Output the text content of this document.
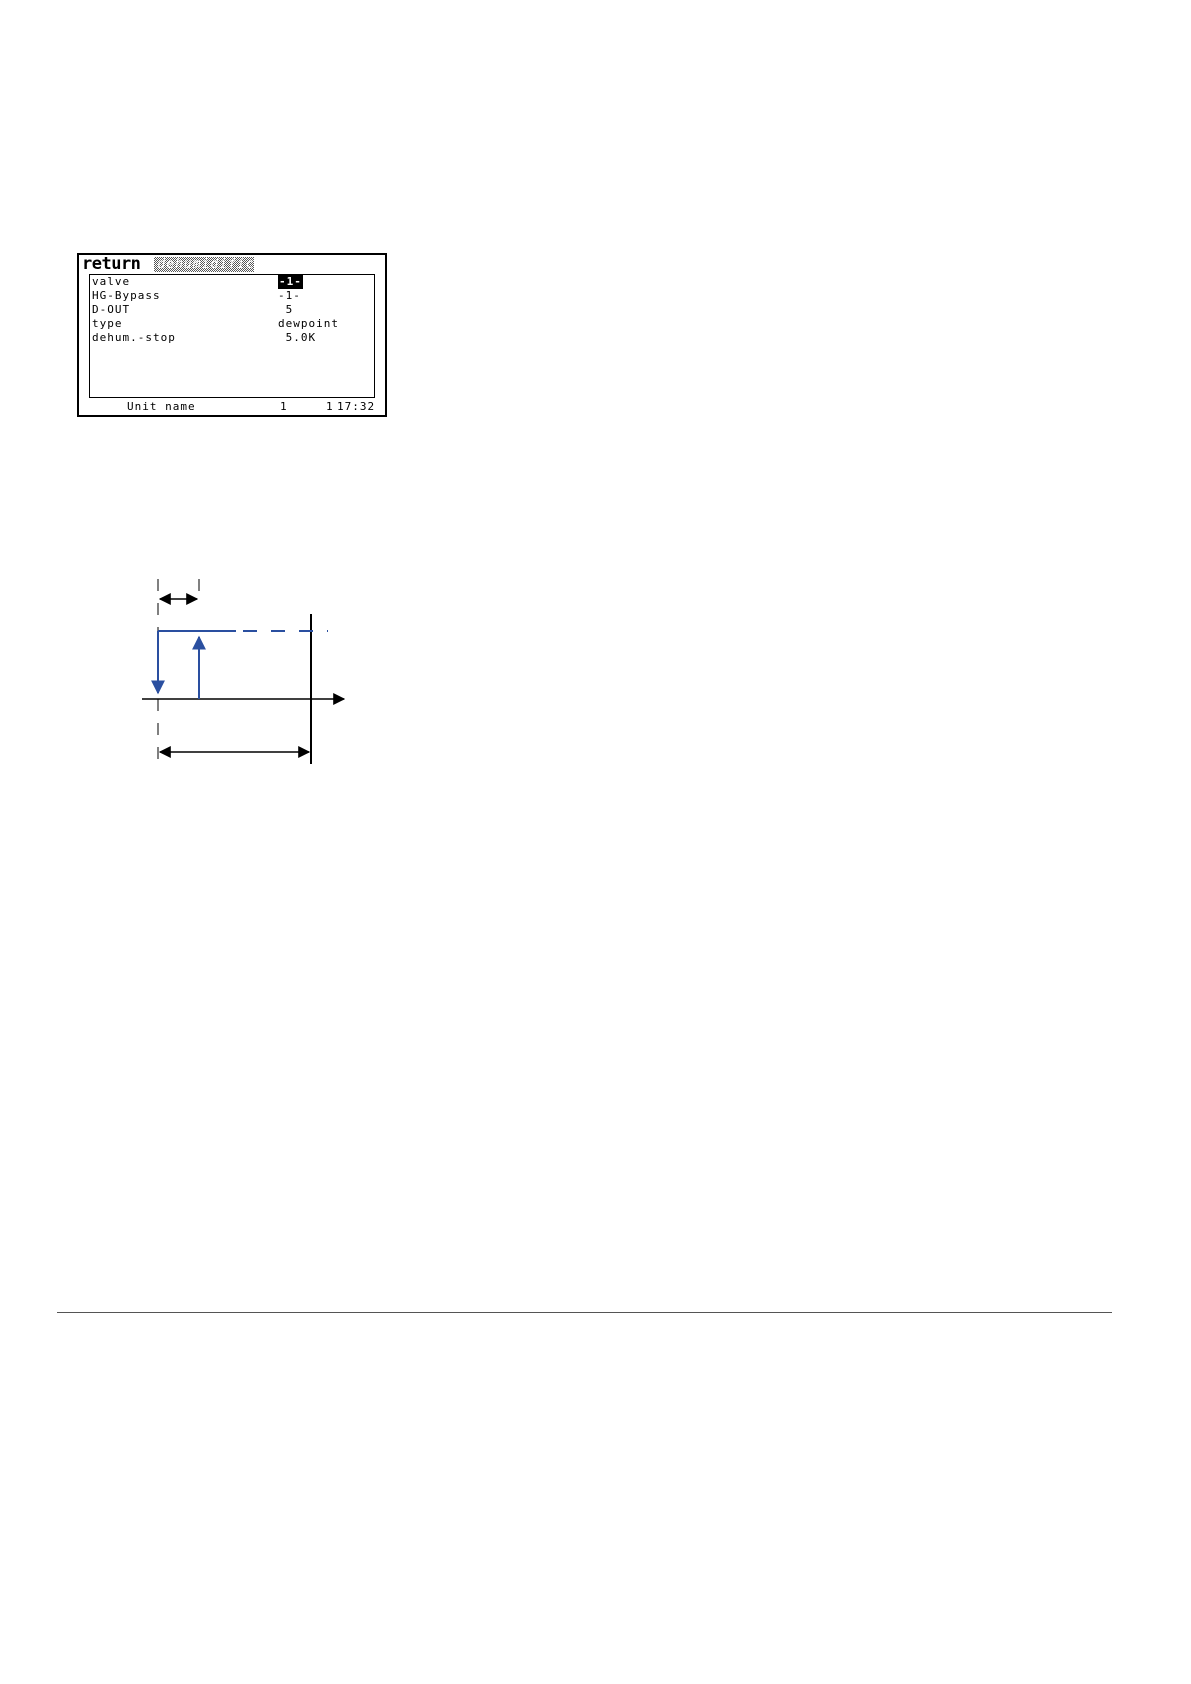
return dehumidific
valve	-1-
HG-Bypass	-1-
D-OUT	5
type	dewpoint
dehum.-stop	5.0K
Unit name	1	1 17:32
